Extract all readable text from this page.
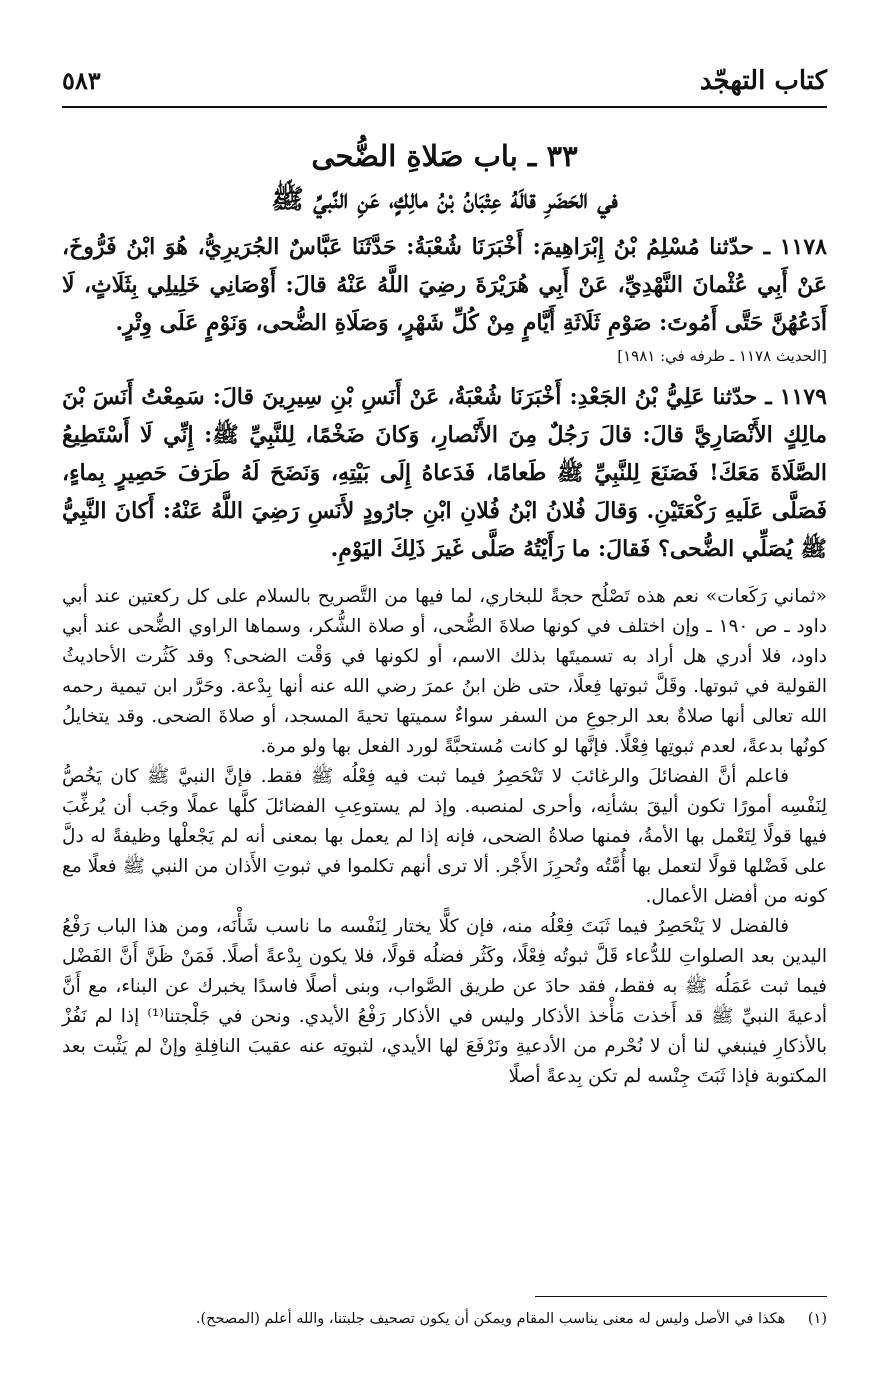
كتاب التهجّد
٥٨٣
٣٣ ـ باب صَلاةِ الضُّحى
في الحَضَرِ قالَهُ عِتْبَانُ بْنُ مالِكٍ، عَنِ النَّبيِّ ﷺ

١١٧٨ ـ حدّثنا مُسْلِمُ بْنُ إِبْرَاهِيمَ: أَخْبَرَنَا شُعْبَةُ: حَدَّثَنَا عَبَّاسٌ الجُرَيرِيُّ، هُوَ ابْنُ فَرُّوخَ، عَنْ أَبِي عُثْمانَ النَّهْدِيِّ، عَنْ أَبِي هُرَيْرَةَ رضِيَ اللَّهُ عَنْهُ قالَ: أَوْصَانِي خَلِيلِي بِثَلَاثٍ، لَا أَدَعُهُنَّ حَتَّى أَمُوتَ: صَوْمِ ثَلَاثَةِ أَيَّامٍ مِنْ كُلِّ شَهْرٍ، وَصَلَاةِ الضُّحى، وَنَوْمٍ عَلَى وِتْرٍ.

[الحديث ١١٧٨ ـ طرفه في: ١٩٨١]

١١٧٩ ـ حدّثنا عَلِيُّ بْنُ الجَعْدِ: أَخْبَرَنَا شُعْبَةُ، عَنْ أَنَسِ بْنِ سِيرِينَ قالَ: سَمِعْتُ أَنَسَ بْنَ مالِكٍ الأَنْصَارِيَّ قالَ: قالَ رَجُلٌ مِنَ الأَنْصارِ، وَكانَ ضَخْمًا، لِلنَّبِيِّ ﷺ: إِنِّي لَا أَسْتَطِيعُ الصَّلَاةَ مَعَكَ! فَصَنَعَ لِلنَّبِيِّ ﷺ طَعامًا، فَدَعاهُ إِلَى بَيْتِهِ، وَنَضَحَ لَهُ طَرَفَ حَصِيرٍ بِماءٍ، فَصَلَّى عَلَيهِ رَكْعَتَيْنِ. وَقالَ فُلانُ ابْنُ فُلانِ ابْنِ جارُودٍ لأَنَسِ رَضِيَ اللَّهُ عَنْهُ: أَكانَ النَّبِيُّ ﷺ يُصَلِّي الضُّحى؟ فَقالَ: ما رَأَيْتُهُ صَلَّى غَيرَ ذَلِكَ اليَوْمِ.

«ثماني رَكَعات» نعم هذه تَصْلُح حجةً للبخاري، لما فيها من التَّصريح بالسلام على كل ركعتين عند أبي داود ـ ص ١٩٠ ـ وإن اختلف في كونها صلاةَ الضُّحى، أو صلاة الشُّكر، وسماها الراوي الضُّحى عند أبي داود، فلا أدري هل أراد به تسميتَها بذلك الاسم، أو لكونها في وَقْت الضحى؟ وقد كَثُرت الأحاديثُ القولية في ثبوتها. وقَلَّ ثبوتها فِعلًا، حتى ظن ابنُ عمرَ رضي الله عنه أنها بِدْعة. وحَرَّر ابن تيمية رحمه الله تعالى أنها صلاةٌ بعد الرجوعِ من السفر سواءٌ سميتها تحيةَ المسجد، أو صلاةَ الضحى. وقد يتخايلُ كونُها بدعةً، لعدم ثبوتِها فِعْلًا. فإنَّها لو كانت مُستحبَّةً لورد الفعل بها ولو مرة.

فاعلم أنَّ الفضائلَ والرغائبَ لا تَنْحَصِرُ فيما ثبت فيه فِعْلُه ﷺ فقط. فإنَّ النبيَّ ﷺ كان يَخُصُّ لِنَفْسِه أمورًا تكون أليقَ بشأنِه، وأحرى لمنصبه. وإذ لم يستوعِبِ الفضائلَ كلَّها عملًا وجَب أن يُرغِّبَ فيها قولًا لِتَعْمل بها الأمةُ، فمنها صلاةُ الضحى، فإنه إذا لم يعمل بها بمعنى أنه لم يَجْعلْها وظيفةً له دلَّ على فَضْلها قولًا لتعمل بها أُمَّتُه وتُحرِزَ الأَجْر. ألا ترى أنهم تكلموا في ثبوتِ الأَذان من النبي ﷺ فعلًا مع كونه من أفضل الأعمال.

فالفضل لا يَنْحَصِرُ فيما ثَبَتَ فِعْلُه منه، فإن كلًّا يختار لِنَفْسه ما ناسب شَأْنَه، ومن هذا الباب رَفْعُ اليدين بعد الصلواتِ للدُّعاء قَلَّ ثبوتُه فِعْلًا، وكَثُر فضلُه قولًا، فلا يكون بِدْعةً أصلًا. فَمَنْ ظَنَّ أَنَّ الفَضْل فيما ثبت عَمَلُه ﷺ به فقط، فقد حادَ عن طريق الصَّواب، وبنى أصلًا فاسدًا يخبرك عن البناء، مع أَنَّ أدعيةَ النبيِّ ﷺ قد أَخذت مَأْخذ الأذكار وليس في الأذكار رَفْعُ الأيدي. ونحن في جَلْجتنا⁽¹⁾ إذا لم نَفُزْ بالأذكارِ فينبغي لنا أن لا نُحْرم من الأدعيةِ ونَرْفَعَ لها الأيدي، لثبوتِه عنه عقيبَ النافِلةِ وإنْ لم يَثْبت بعد المكتوبة فإذا ثَبَتَ جِنْسه لم تكن بِدعةً أصلًا

(١) هكذا في الأصل وليس له معنى يناسب المقام ويمكن أن يكون تصحيف جلبتنا، والله أعلم (المصحح).
